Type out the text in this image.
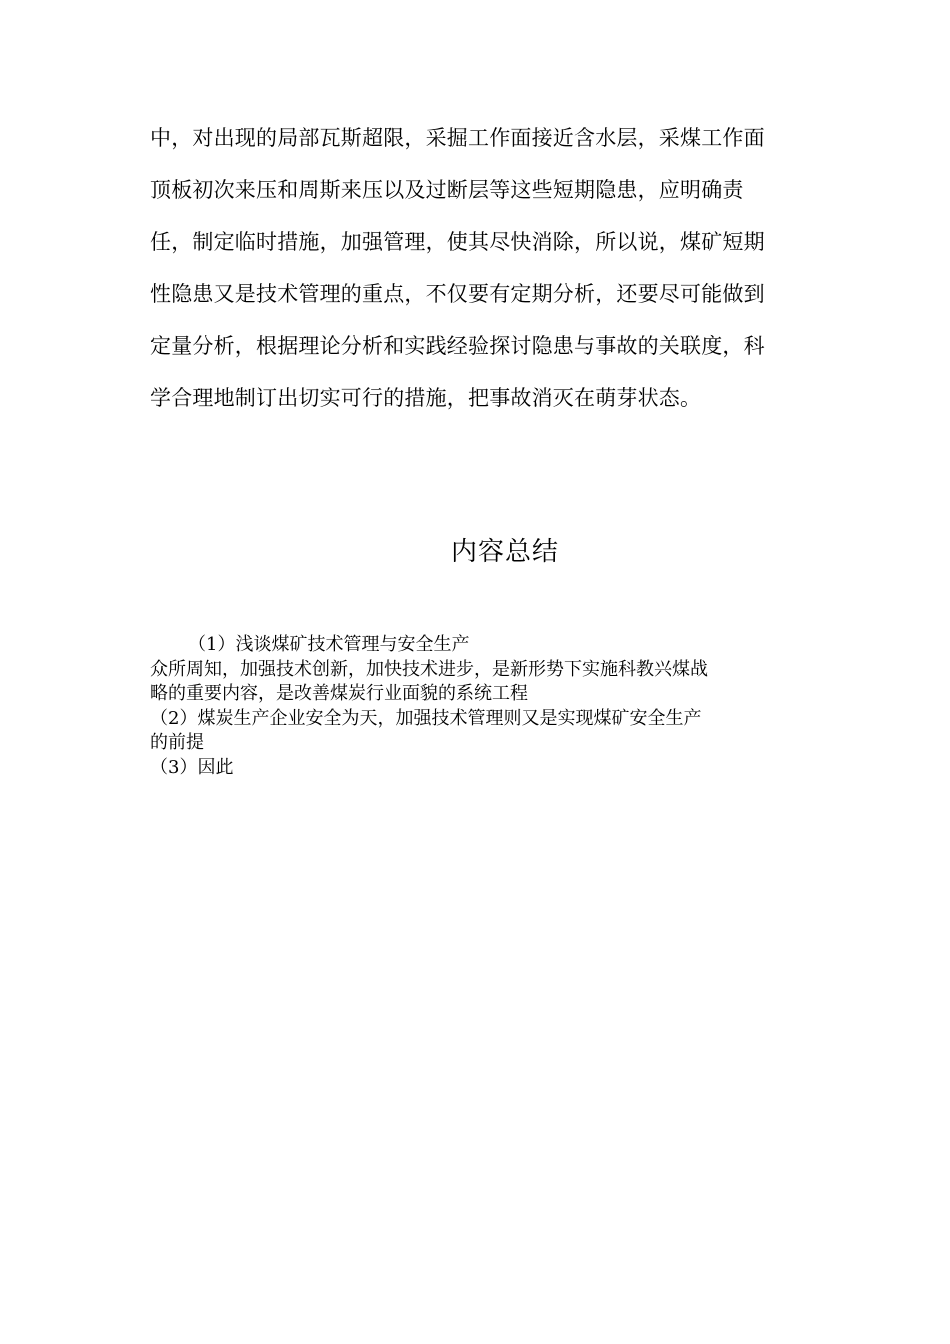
中，对出现的局部瓦斯超限，采掘工作面接近含水层，采煤工作面
顶板初次来压和周斯来压以及过断层等这些短期隐患，应明确责
任，制定临时措施，加强管理，使其尽快消除，所以说，煤矿短期
性隐患又是技术管理的重点，不仅要有定期分析，还要尽可能做到
定量分析，根据理论分析和实践经验探讨隐患与事故的关联度，科
学合理地制订出切实可行的措施，把事故消灭在萌芽状态。
内容总结
（1）浅谈煤矿技术管理与安全生产
众所周知，加强技术创新，加快技术进步，是新形势下实施科教兴煤战
略的重要内容，是改善煤炭行业面貌的系统工程
（2）煤炭生产企业安全为天，加强技术管理则又是实现煤矿安全生产
的前提
（3）因此
